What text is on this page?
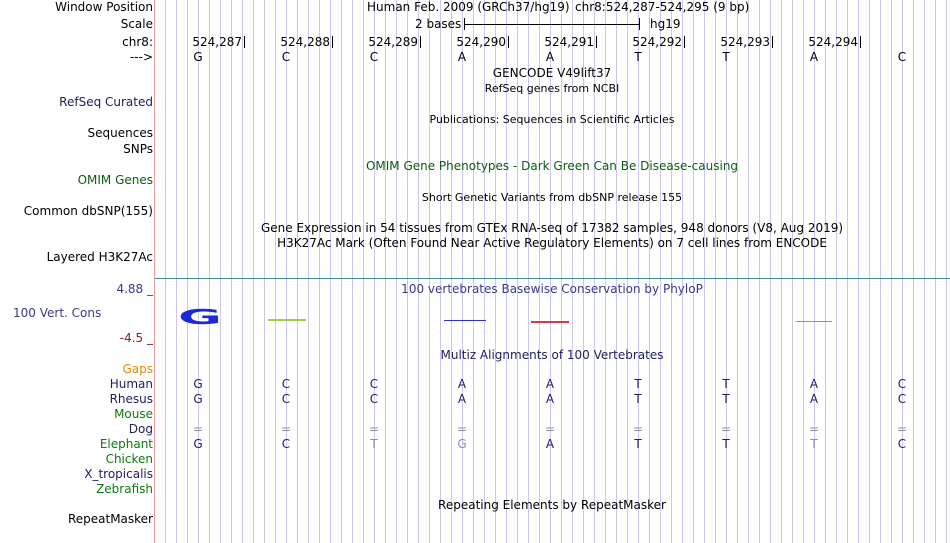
Window Position	Human Feb. 2009 (GRCh37/hg19) chr8:524,287-524,295 (9 bp)
Scale	2 bases	hg19
chr8:	524,287	524,288	524,289	524,290	524,291	524,292	524,293	524,294
--->	G	C	C	A	A	T	T	A	C
GENCODE V49lift37
RefSeq genes from NCBI
RefSeq Curated
Publications: Sequences in Scientific Articles
Sequences
SNPs
OMIM Gene Phenotypes - Dark Green Can Be Disease-causing
OMIM Genes
Short Genetic Variants from dbSNP release 155
Common dbSNP(155)
Gene Expression in 54 tissues from GTEx RNA-seq of 17382 samples, 948 donors (V8, Aug 2019)
H3K27Ac Mark (Often Found Near Active Regulatory Elements) on 7 cell lines from ENCODE
Layered H3K27Ac
4.88 _	100 vertebrates Basewise Conservation by PhyloP
100 Vert. Cons
-4.5 _
G
Multiz Alignments of 100 Vertebrates
Gaps
Human	G	C	C	A	A	T	T	A	C
Rhesus	G	C	C	A	A	T	T	A	C
Mouse
Dog	=	=	=	=	=	=	=	=	=
Elephant	G	C	T	G	A	T	T	T	C
Chicken
X_tropicalis
Zebrafish
Repeating Elements by RepeatMasker
RepeatMasker
